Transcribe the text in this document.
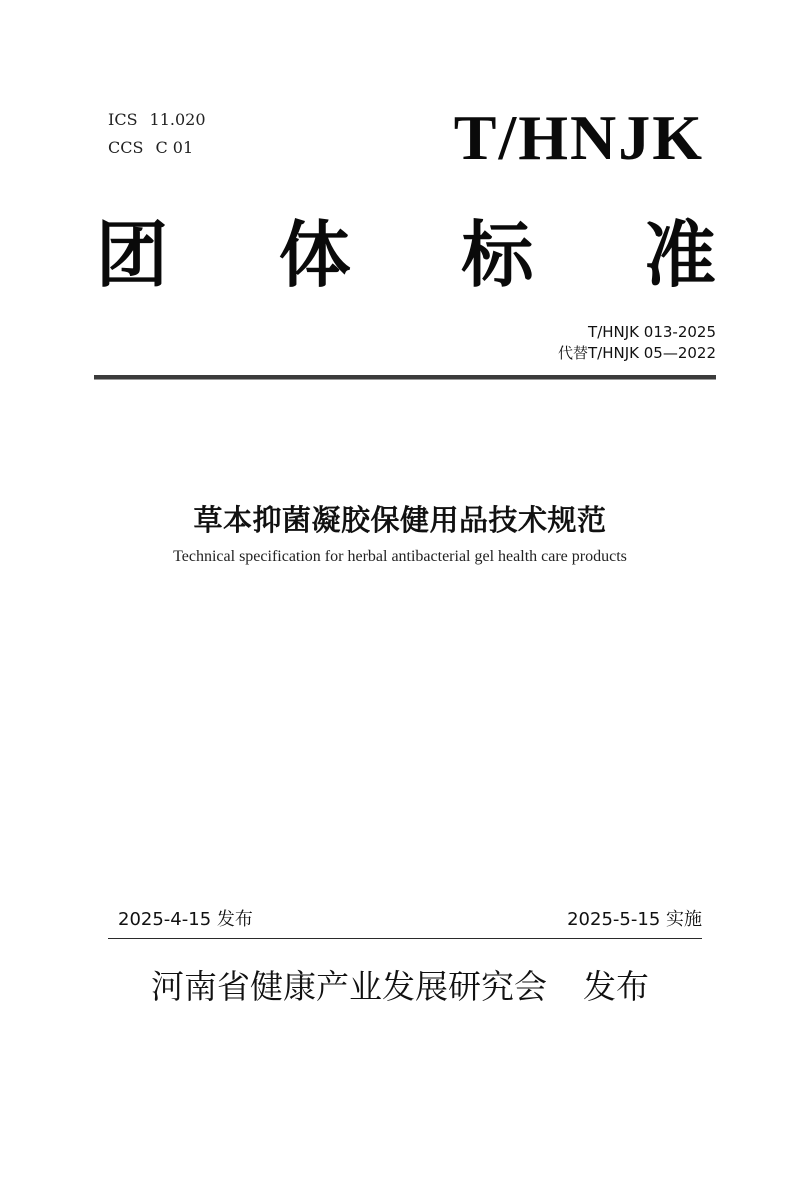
ICS 11.020
CCS C 01	T/HNJK
团 体 标 准
T/HNJK 013-2025
代替T/HNJK 05—2022
草本抑菌凝胶保健用品技术规范
Technical specification for herbal antibacterial gel health care products
2025-4-15 发布	2025-5-15 实施
河南省健康产业发展研究会 发布
